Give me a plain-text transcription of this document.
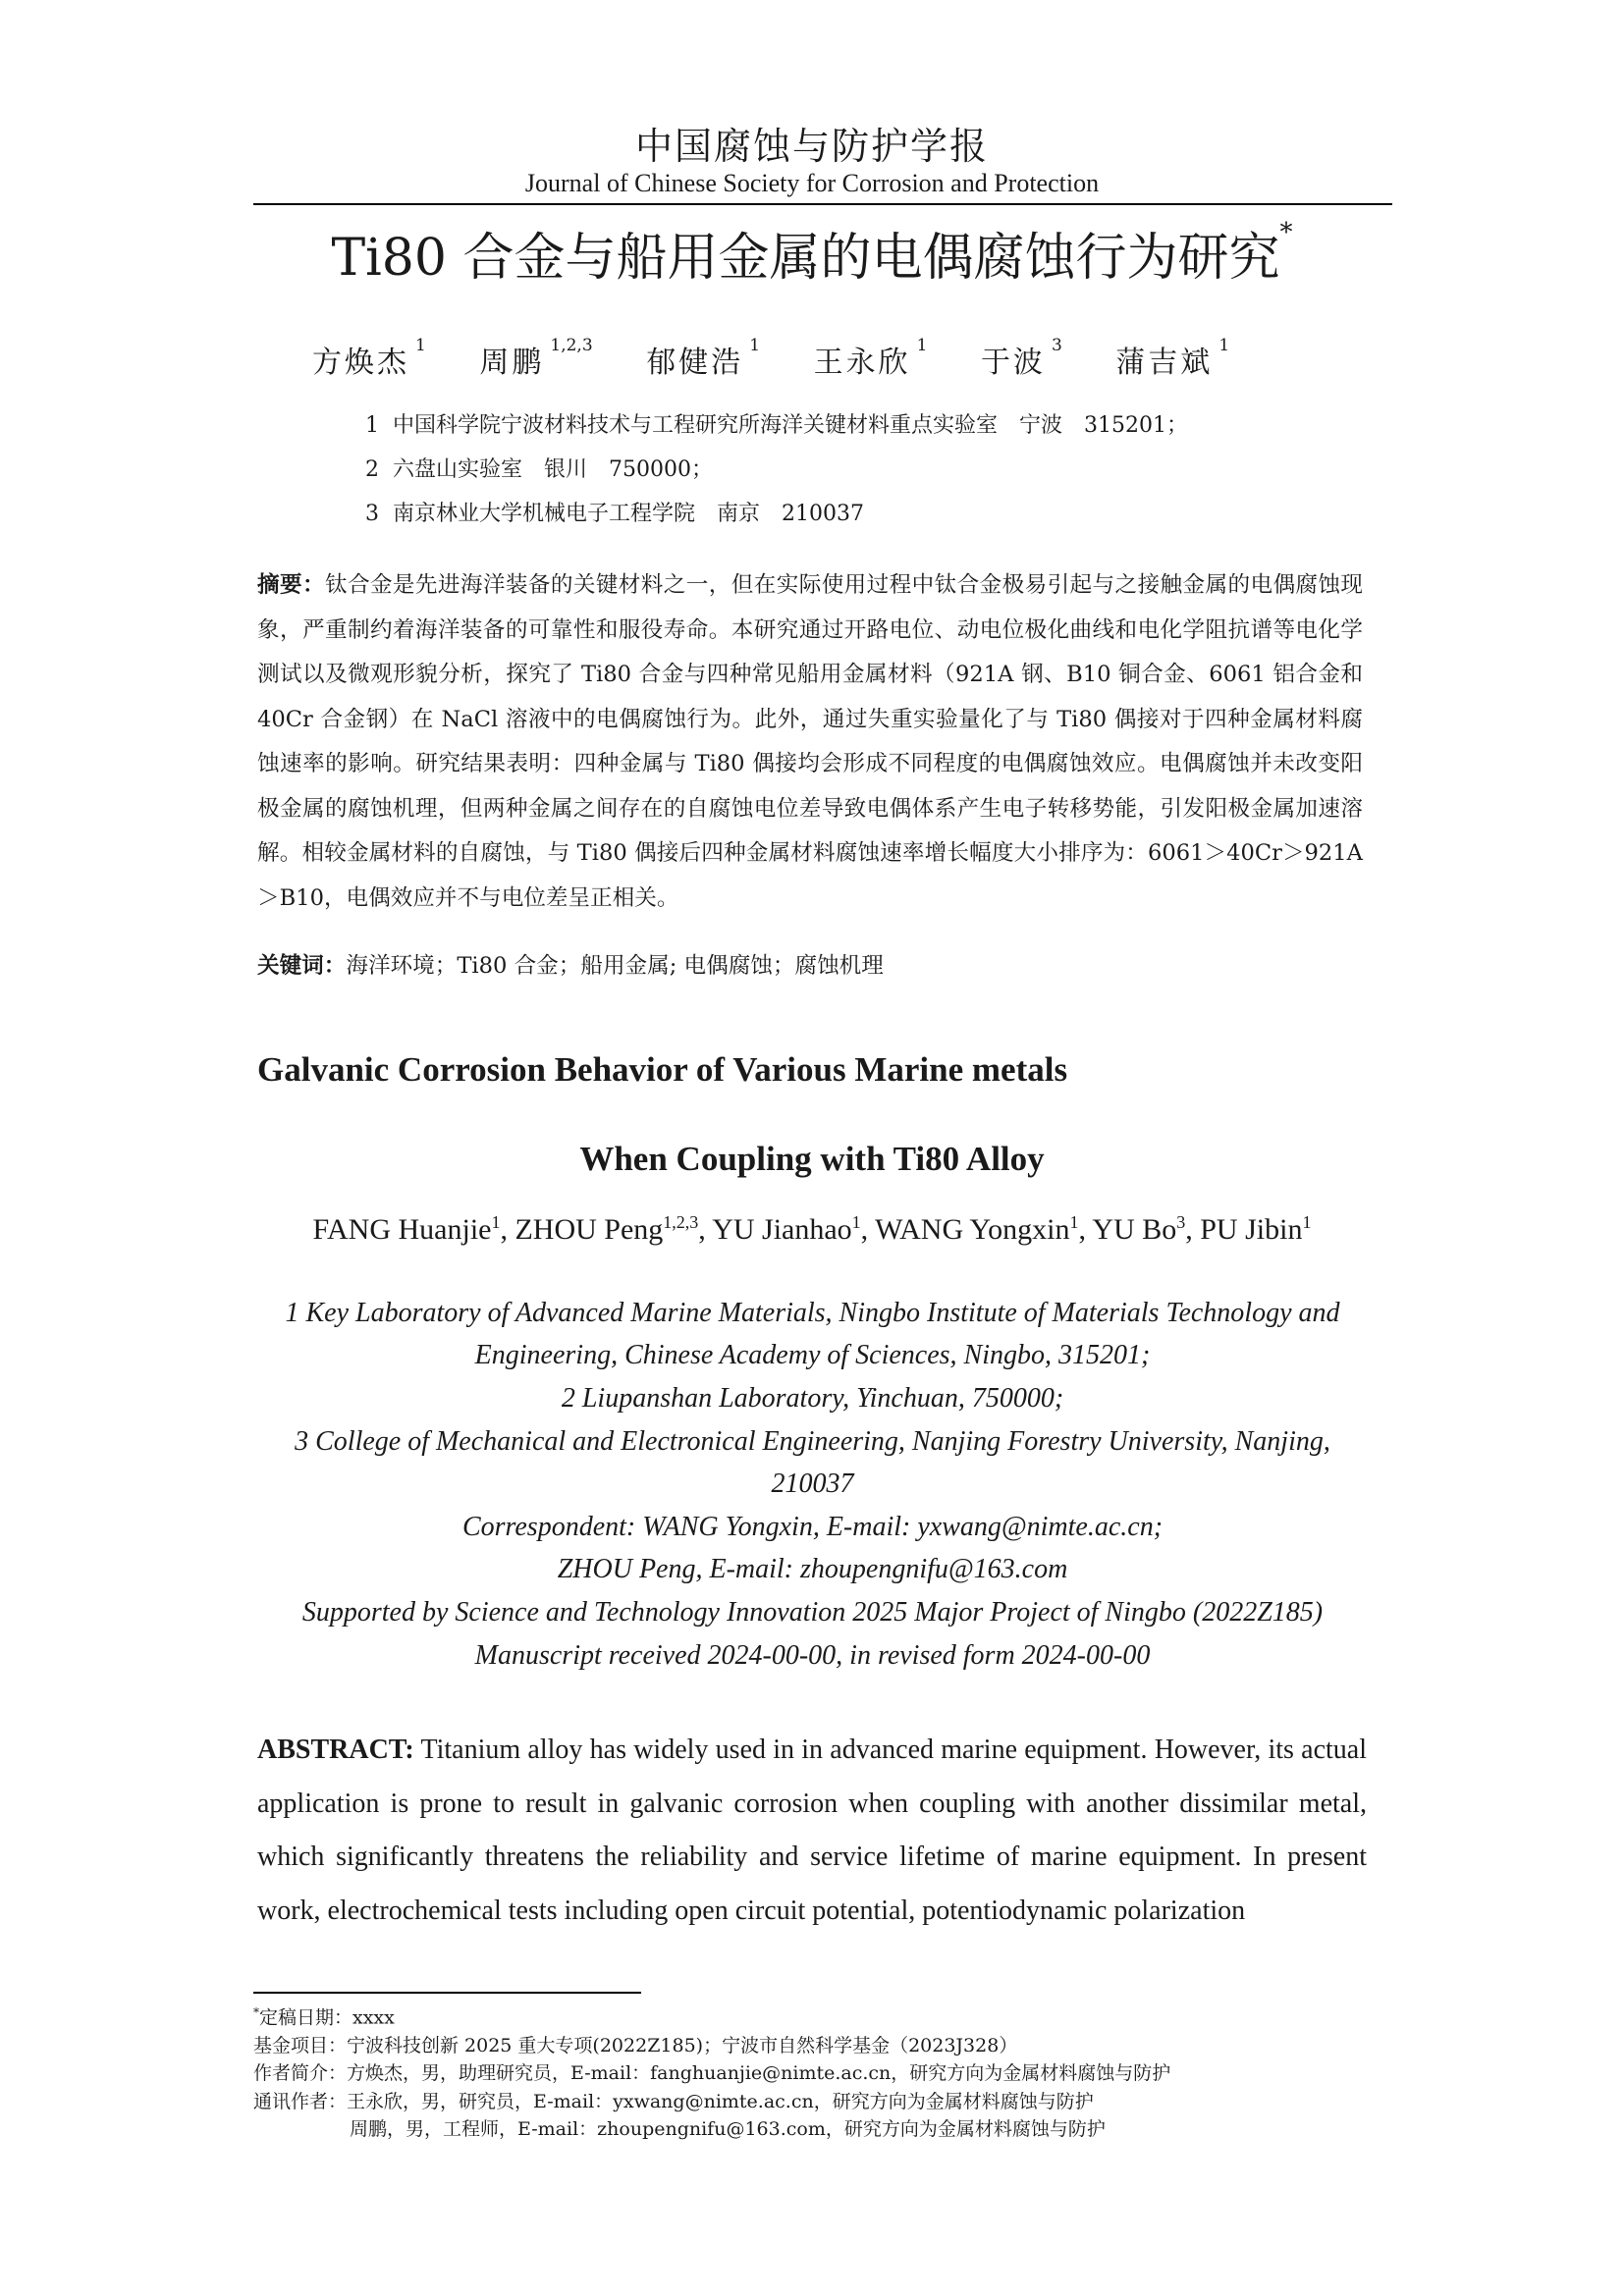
中国腐蚀与防护学报
Journal of Chinese Society for Corrosion and Protection
Ti80 合金与船用金属的电偶腐蚀行为研究*
方焕杰 $^1$ 周鹏 $^{1,2,3}$ 郁健浩 $^1$ 王永欣 $^1$ 于波 $^3$ 蒲吉斌 $^1$
1 中国科学院宁波材料技术与工程研究所海洋关键材料重点实验室　宁波　315201；
2 六盘山实验室　银川　750000；
3 南京林业大学机械电子工程学院　南京　210037
摘要：钛合金是先进海洋装备的关键材料之一，但在实际使用过程中钛合金极易引起与之接触金属的电偶腐蚀现象，严重制约着海洋装备的可靠性和服役寿命。本研究通过开路电位、动电位极化曲线和电化学阻抗谱等电化学测试以及微观形貌分析，探究了 Ti80 合金与四种常见船用金属材料（921A 钢、B10 铜合金、6061 铝合金和 40Cr 合金钢）在 NaCl 溶液中的电偶腐蚀行为。此外，通过失重实验量化了与 Ti80 偶接对于四种金属材料腐蚀速率的影响。研究结果表明：四种金属与 Ti80 偶接均会形成不同程度的电偶腐蚀效应。电偶腐蚀并未改变阳极金属的腐蚀机理，但两种金属之间存在的自腐蚀电位差导致电偶体系产生电子转移势能，引发阳极金属加速溶解。相较金属材料的自腐蚀，与 Ti80 偶接后四种金属材料腐蚀速率增长幅度大小排序为：6061＞40Cr＞921A＞B10，电偶效应并不与电位差呈正相关。
关键词：海洋环境；Ti80 合金；船用金属; 电偶腐蚀；腐蚀机理
Galvanic Corrosion Behavior of Various Marine metals
When Coupling with Ti80 Alloy
FANG Huanjie$^1$, ZHOU Peng$^{1,2,3}$, YU Jianhao$^1$, WANG Yongxin$^1$, YU Bo$^3$, PU Jibin$^1$
1 Key Laboratory of Advanced Marine Materials, Ningbo Institute of Materials Technology and
Engineering, Chinese Academy of Sciences, Ningbo, 315201;
2 Liupanshan Laboratory, Yinchuan, 750000;
3 College of Mechanical and Electronical Engineering, Nanjing Forestry University, Nanjing,
210037
Correspondent: WANG Yongxin, E-mail: yxwang@nimte.ac.cn;
ZHOU Peng, E-mail: zhoupengnifu@163.com
Supported by Science and Technology Innovation 2025 Major Project of Ningbo (2022Z185)
Manuscript received 2024-00-00, in revised form 2024-00-00
ABSTRACT: Titanium alloy has widely used in in advanced marine equipment. However, its actual application is prone to result in galvanic corrosion when coupling with another dissimilar metal, which significantly threatens the reliability and service lifetime of marine equipment. In present work, electrochemical tests including open circuit potential, potentiodynamic polarization
*定稿日期：xxxx
基金项目：宁波科技创新 2025 重大专项(2022Z185)；宁波市自然科学基金（2023J328）
作者简介：方焕杰，男，助理研究员，E-mail：fanghuanjie@nimte.ac.cn，研究方向为金属材料腐蚀与防护
通讯作者：王永欣，男，研究员，E-mail：yxwang@nimte.ac.cn，研究方向为金属材料腐蚀与防护
周鹏，男，工程师，E-mail：zhoupengnifu@163.com，研究方向为金属材料腐蚀与防护
